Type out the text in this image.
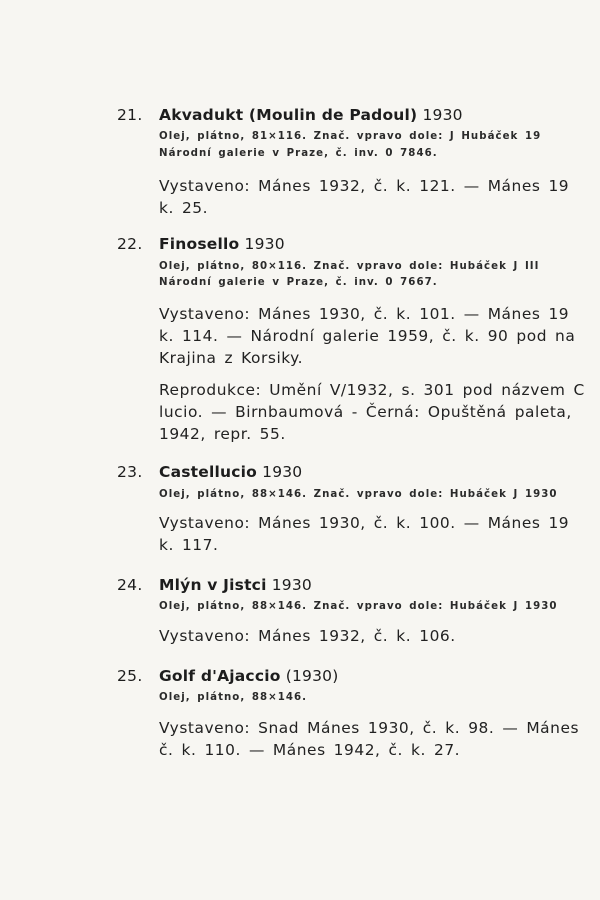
21. Akvadukt (Moulin de Padoul) 1930
Olej, plátno, 81×116. Znač. vpravo dole: J Hubáček 19
Národní galerie v Praze, č. inv. 0 7846.
Vystaveno: Mánes 1932, č. k. 121. — Mánes 19
k. 25.
22. Finosello 1930
Olej, plátno, 80×116. Znač. vpravo dole: Hubáček J III
Národní galerie v Praze, č. inv. 0 7667.
Vystaveno: Mánes 1930, č. k. 101. — Mánes 19
k. 114. — Národní galerie 1959, č. k. 90 pod na
Krajina z Korsiky.
Reprodukce: Umění V/1932, s. 301 pod názvem C
lucio. — Birnbaumová - Černá: Opuštěná paleta,
1942, repr. 55.
23. Castellucio 1930
Olej, plátno, 88×146. Znač. vpravo dole: Hubáček J 1930
Vystaveno: Mánes 1930, č. k. 100. — Mánes 19
k. 117.
24. Mlýn v Jistci 1930
Olej, plátno, 88×146. Znač. vpravo dole: Hubáček J 1930
Vystaveno: Mánes 1932, č. k. 106.
25. Golf d'Ajaccio (1930)
Olej, plátno, 88×146.
Vystaveno: Snad Mánes 1930, č. k. 98. — Mánes
č. k. 110. — Mánes 1942, č. k. 27.
